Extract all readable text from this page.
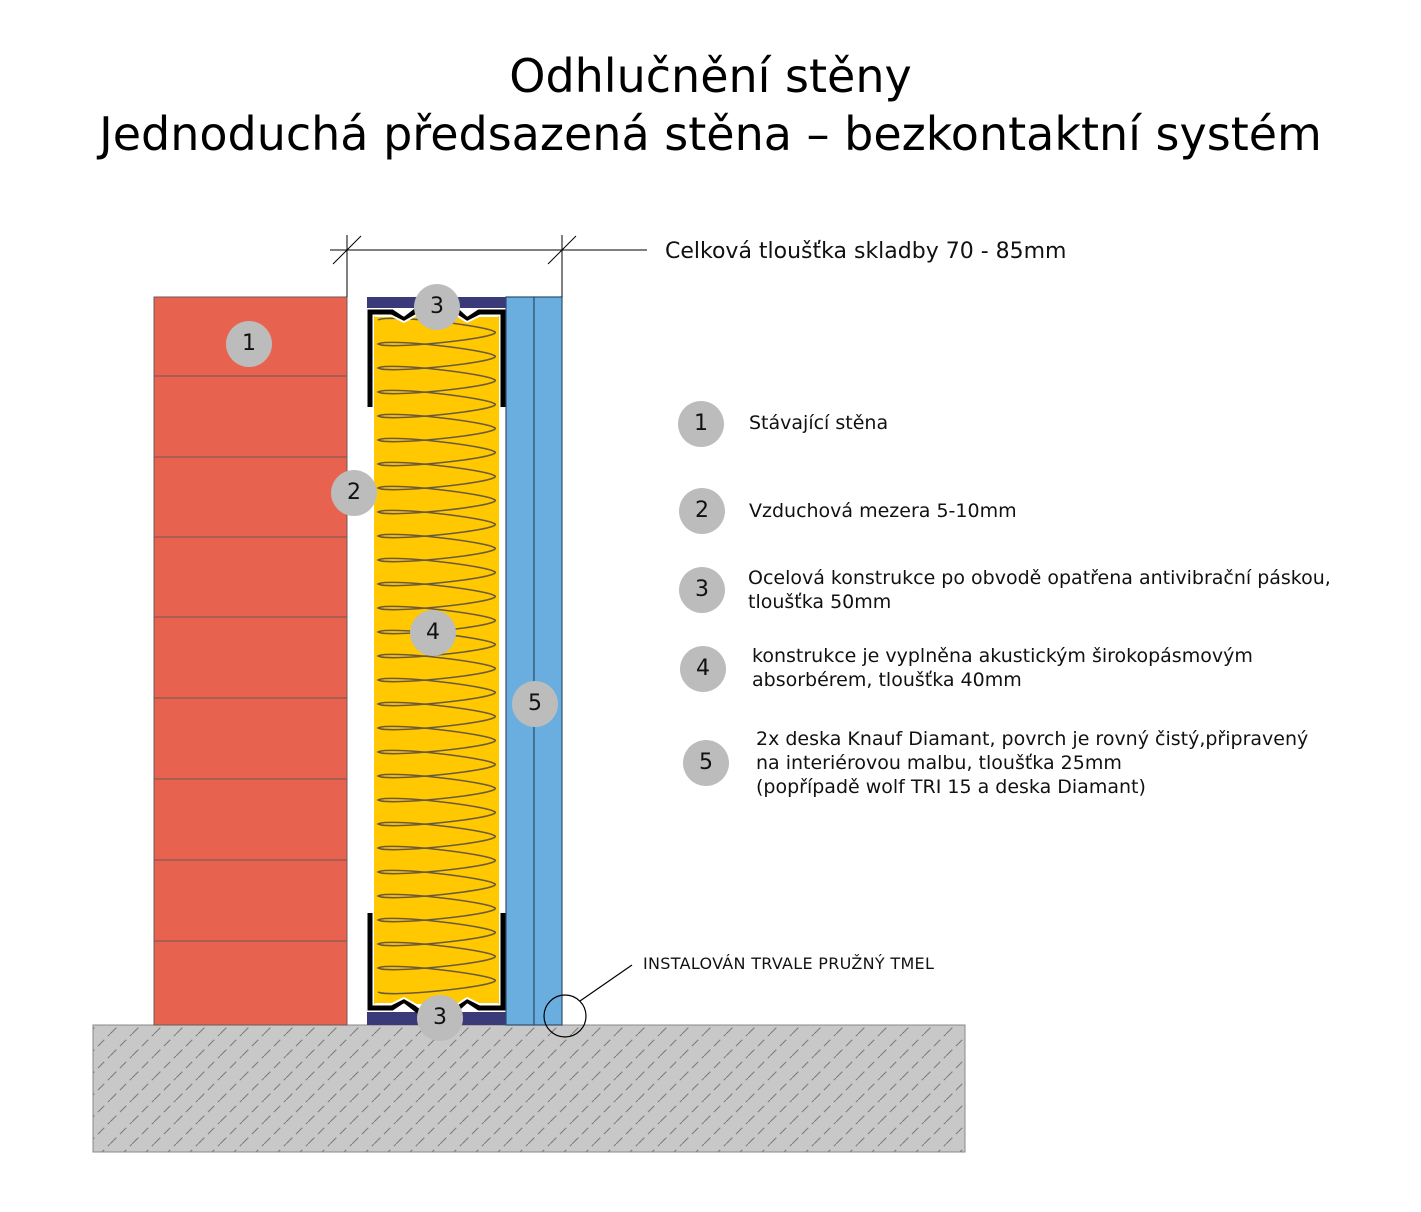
Odhlučnění stěny
Jednoduchá předsazená stěna – bezkontaktní systém
Celková tloušťka skladby 70 - 85mm
INSTALOVÁN TRVALE PRUŽNÝ TMEL
1
2
3
4
5
3
1	Stávající stěna
2	Vzduchová mezera 5-10mm
3	Ocelová konstrukce po obvodě opatřena antivibrační páskou,
tloušťka 50mm
4	konstrukce je vyplněna akustickým širokopásmovým
absorbérem, tloušťka 40mm
5
2x deska Knauf Diamant, povrch je rovný čistý,připravený
na interiérovou malbu, tloušťka 25mm
(popřípadě wolf TRI 15 a deska Diamant)
